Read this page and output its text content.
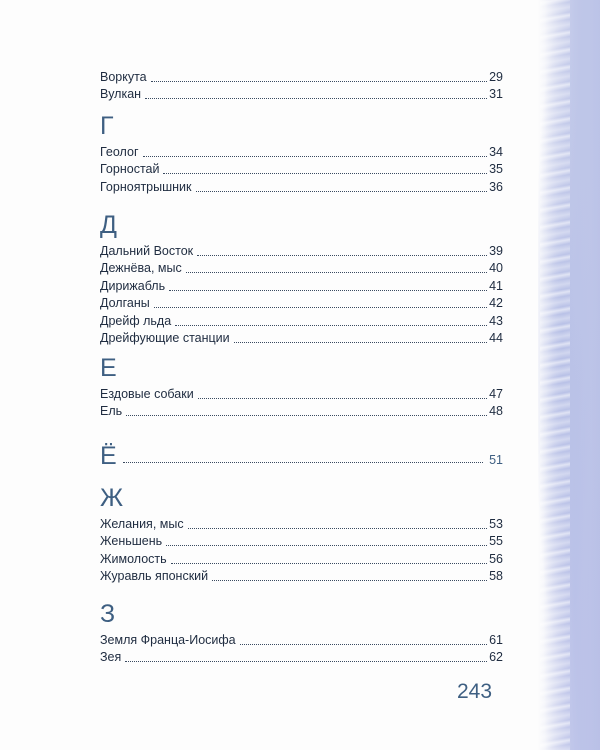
Воркута	29
Вулкан	31
Г
Геолог	34
Горностай	35
Горноятрышник	36
Д
Дальний Восток	39
Дежнёва, мыс	40
Дирижабль	41
Долганы	42
Дрейф льда	43
Дрейфующие станции	44
Е
Ездовые собаки	47
Ель	48
Ё	51
Ж
Желания, мыс	53
Женьшень	55
Жимолость	56
Журавль японский	58
З
Земля Франца-Иосифа	61
Зея	62
243
